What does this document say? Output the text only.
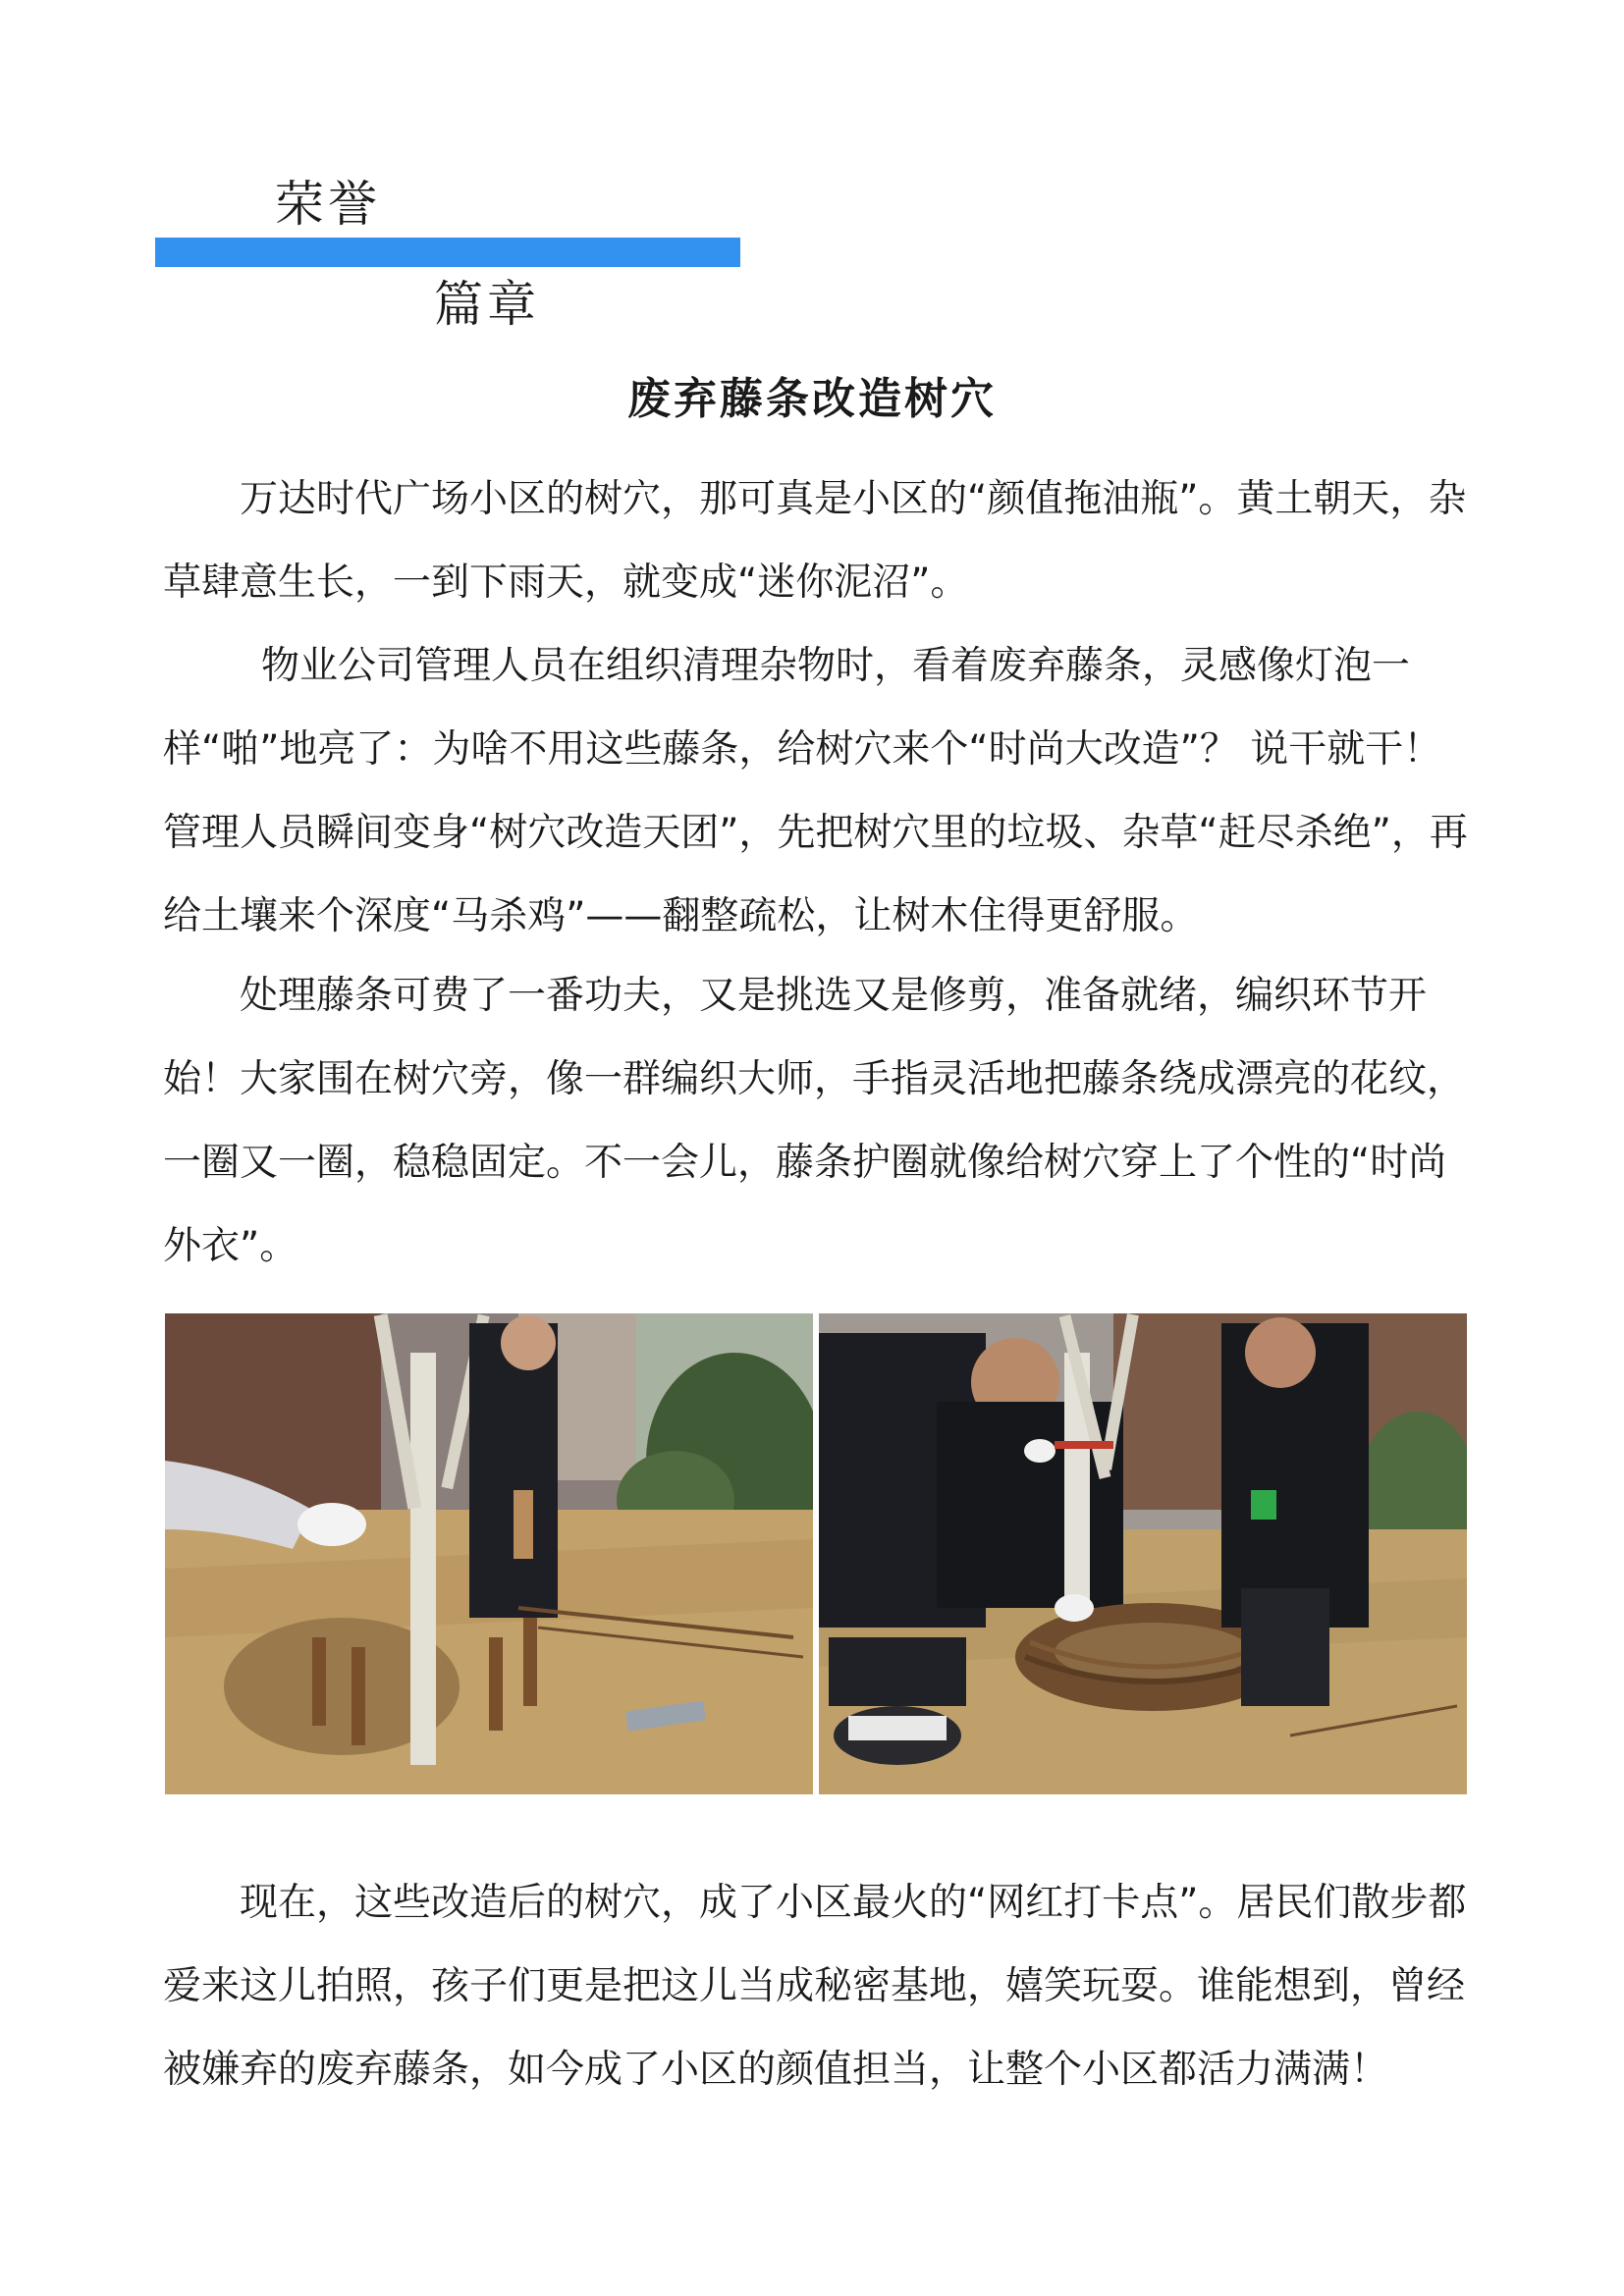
荣誉
篇章
废弃藤条改造树穴

万达时代广场小区的树穴，那可真是小区的“颜值拖油瓶”。黄土朝天，杂草肆意生长，一到下雨天，就变成“迷你泥沼”。

物业公司管理人员在组织清理杂物时，看着废弃藤条，灵感像灯泡一样“啪”地亮了：为啥不用这些藤条，给树穴来个“时尚大改造”？ 说干就干！管理人员瞬间变身“树穴改造天团”，先把树穴里的垃圾、杂草“赶尽杀绝”，再给土壤来个深度“马杀鸡”——翻整疏松，让树木住得更舒服。

处理藤条可费了一番功夫，又是挑选又是修剪，准备就绪，编织环节开始！大家围在树穴旁，像一群编织大师，手指灵活地把藤条绕成漂亮的花纹，一圈又一圈，稳稳固定。不一会儿，藤条护圈就像给树穴穿上了个性的“时尚外衣”。

现在，这些改造后的树穴，成了小区最火的“网红打卡点”。居民们散步都爱来这儿拍照，孩子们更是把这儿当成秘密基地，嬉笑玩耍。谁能想到，曾经被嫌弃的废弃藤条，如今成了小区的颜值担当，让整个小区都活力满满！
